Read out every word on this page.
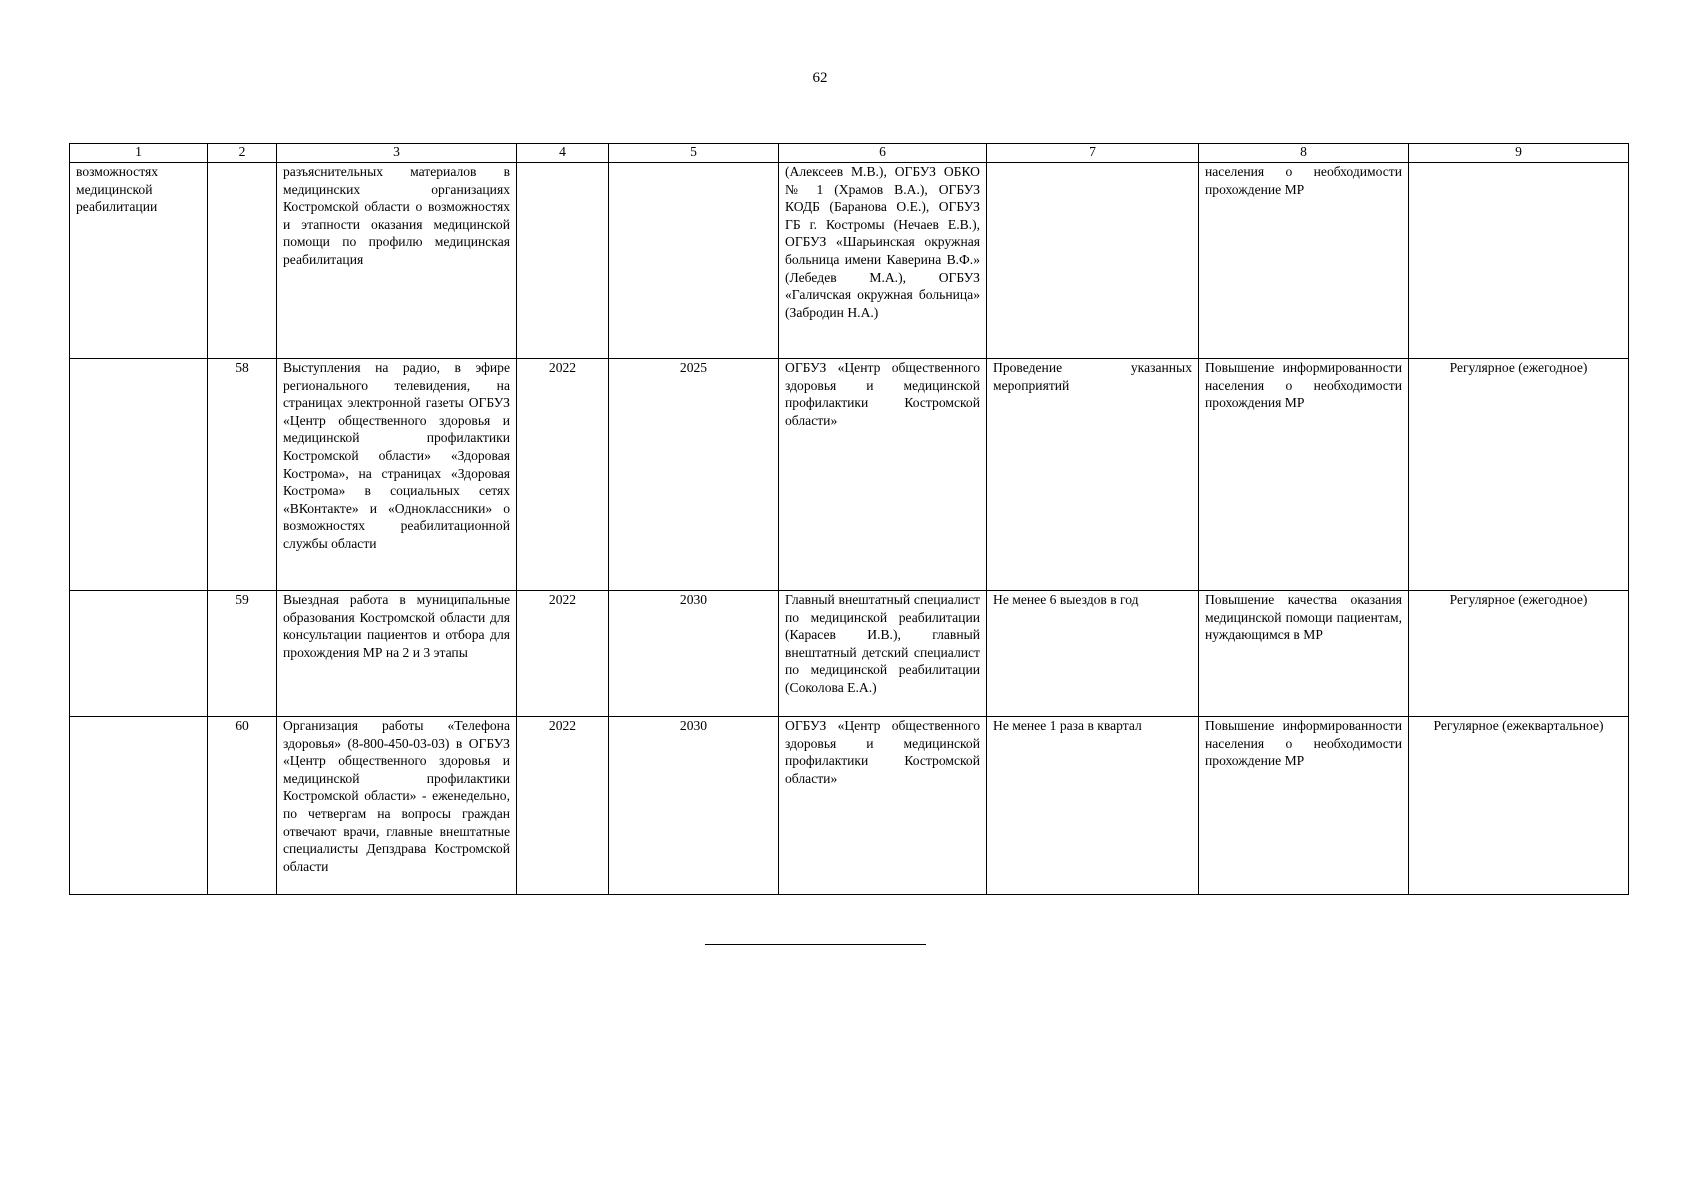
62
1	2	3	4	5	6	7	8	9
возможностях медицинской реабилитации		разъяснительных материалов в медицинских организациях Костромской области о возможностях и этапности оказания медицинской помощи по профилю медицинская реабилитация			(Алексеев М.В.), ОГБУЗ ОБКО № 1 (Храмов В.А.), ОГБУЗ КОДБ (Баранова О.Е.), ОГБУЗ ГБ г. Костромы (Нечаев Е.В.), ОГБУЗ «Шарьинская окружная больница имени Каверина В.Ф.» (Лебедев М.А.), ОГБУЗ «Галичская окружная больница» (Забродин Н.А.)		населения о необходимости прохождение МР	
	58	Выступления на радио, в эфире регионального телевидения, на страницах электронной газеты ОГБУЗ «Центр общественного здоровья и медицинской профилактики Костромской области» «Здоровая Кострома», на страницах «Здоровая Кострома» в социальных сетях «ВКонтакте» и «Одноклассники» о возможностях реабилитационной службы области	2022	2025	ОГБУЗ «Центр общественного здоровья и медицинской профилактики Костромской области»	Проведение указанных мероприятий	Повышение информированности населения о необходимости прохождения МР	Регулярное (ежегодное)
	59	Выездная работа в муниципальные образования Костромской области для консультации пациентов и отбора для прохождения МР на 2 и 3 этапы	2022	2030	Главный внештатный специалист по медицинской реабилитации (Карасев И.В.), главный внештатный детский специалист по медицинской реабилитации (Соколова Е.А.)	Не менее 6 выездов в год	Повышение качества оказания медицинской помощи пациентам, нуждающимся в МР	Регулярное (ежегодное)
	60	Организация работы «Телефона здоровья» (8-800-450-03-03) в ОГБУЗ «Центр общественного здоровья и медицинской профилактики Костромской области» - еженедельно, по четвергам на вопросы граждан отвечают врачи, главные внештатные специалисты Депздрава Костромской области	2022	2030	ОГБУЗ «Центр общественного здоровья и медицинской профилактики Костромской области»	Не менее 1 раза в квартал	Повышение информированности населения о необходимости прохождение МР	Регулярное (ежеквартальное)
